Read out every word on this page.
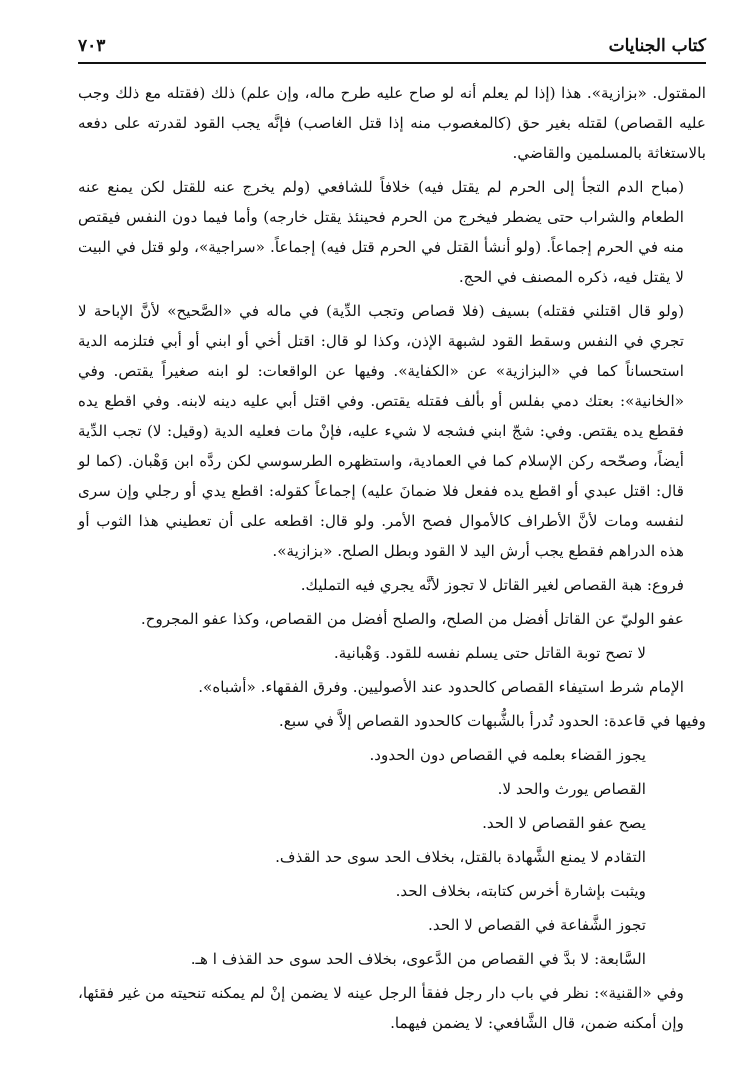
كتاب الجنايات
٧٠٣

المقتول. «بزازية». هذا (إذا لم يعلم أنه لو صاح عليه طرح ماله، وإن علم) ذلك (فقتله مع ذلك وجب عليه القصاص) لقتله بغير حق (كالمغصوب منه إذا قتل الغاصب) فإنَّه يجب القود لقدرته على دفعه بالاستغاثة بالمسلمين والقاضي.

(مباح الدم التجأ إلى الحرم لم يقتل فيه) خلافاً للشافعي (ولم يخرج عنه للقتل لكن يمنع عنه الطعام والشراب حتى يضطر فيخرج من الحرم فحينئذ يقتل خارجه) وأما فيما دون النفس فيقتص منه في الحرم إجماعاً. (ولو أنشأ القتل في الحرم قتل فيه) إجماعاً. «سراجية»، ولو قتل في البيت لا يقتل فيه، ذكره المصنف في الحج.

(ولو قال اقتلني فقتله) بسيف (فلا قصاص وتجب الدِّية) في ماله في «الصَّحيح» لأنَّ الإباحة لا تجري في النفس وسقط القود لشبهة الإذن، وكذا لو قال: اقتل أخي أو ابني أو أبي فتلزمه الدية استحساناً كما في «البزازية» عن «الكفاية». وفيها عن الواقعات: لو ابنه صغيراً يقتص. وفي «الخانية»: بعتك دمي بفلس أو بألف فقتله يقتص. وفي اقتل أبي عليه دينه لابنه. وفي اقطع يده فقطع يده يقتص. وفي: شجّ ابني فشجه لا شيء عليه، فإنْ مات فعليه الدية (وقيل: لا) تجب الدِّية أيضاً، وصحّحه ركن الإسلام كما في العمادية، واستظهره الطرسوسي لكن ردَّه ابن وَهْبان. (كما لو قال: اقتل عبدي أو اقطع يده ففعل فلا ضمانَ عليه) إجماعاً كقوله: اقطع يدي أو رجلي وإن سرى لنفسه ومات لأنَّ الأطراف كالأموال فصح الأمر. ولو قال: اقطعه على أن تعطيني هذا الثوب أو هذه الدراهم فقطع يجب أرش اليد لا القود وبطل الصلح. «بزازية».

فروع: هبة القصاص لغير القاتل لا تجوز لأنَّه يجري فيه التمليك.

عفو الوليّ عن القاتل أفضل من الصلح، والصلح أفضل من القصاص، وكذا عفو المجروح.

لا تصح توبة القاتل حتى يسلم نفسه للقود. وَهْبانية.

الإمام شرط استيفاء القصاص كالحدود عند الأصوليين. وفرق الفقهاء. «أشباه».

وفيها في قاعدة: الحدود تُدرأ بالشُّبهات كالحدود القصاص إلاَّ في سبع.

يجوز القضاء بعلمه في القصاص دون الحدود.

القصاص يورث والحد لا.

يصح عفو القصاص لا الحد.

التقادم لا يمنع الشَّهادة بالقتل، بخلاف الحد سوى حد القذف.

ويثبت بإشارة أخرس كتابته، بخلاف الحد.

تجوز الشَّفاعة في القصاص لا الحد.

السَّابعة: لا بدَّ في القصاص من الدَّعوى، بخلاف الحد سوى حد القذف ا هـ.

وفي «القنية»: نظر في باب دار رجل ففقأ الرجل عينه لا يضمن إنْ لم يمكنه تنحيته من غير فقئها، وإن أمكنه ضمن، قال الشَّافعي: لا يضمن فيهما.
